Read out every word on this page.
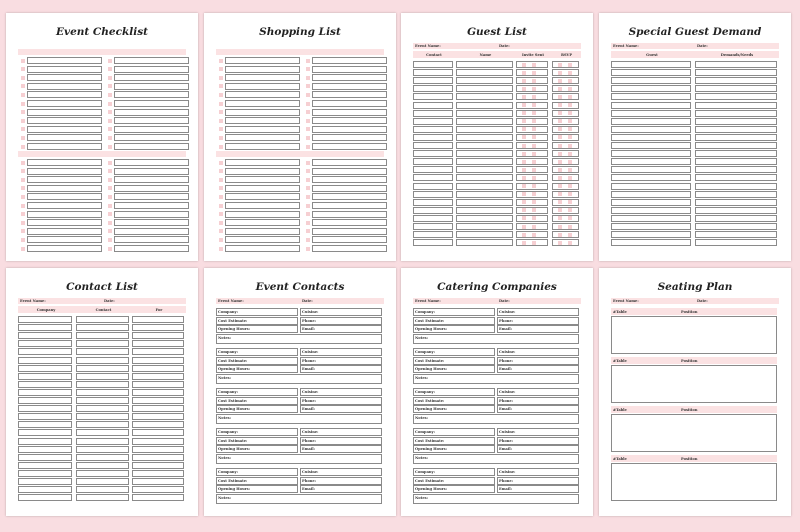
Event Checklist	Shopping List	Guest List
Event Name:	Date:
Contact	Name	Invite Sent	RSVP
Special Guest Demand
Event Name:	Date:
Guest	Demands/Needs
Contact List
Event Name:	Date:
Company	Contact	For
Event Contacts
Event Name:	Date:
Company:	Cuisine:
Cost Estimate:	Phone:
Opening Hours:	Email:
Notes:
Company:	Cuisine:
Cost Estimate:	Phone:
Opening Hours:	Email:
Notes:
Company:	Cuisine:
Cost Estimate:	Phone:
Opening Hours:	Email:
Notes:
Company:	Cuisine:
Cost Estimate:	Phone:
Opening Hours:	Email:
Notes:
Company:	Cuisine:
Cost Estimate:	Phone:
Opening Hours:	Email:
Notes:
Catering Companies
Event Name:	Date:
Company:	Cuisine:
Cost Estimate:	Phone:
Opening Hours:	Email:
Notes:
Company:	Cuisine:
Cost Estimate:	Phone:
Opening Hours:	Email:
Notes:
Company:	Cuisine:
Cost Estimate:	Phone:
Opening Hours:	Email:
Notes:
Company:	Cuisine:
Cost Estimate:	Phone:
Opening Hours:	Email:
Notes:
Company:	Cuisine:
Cost Estimate:	Phone:
Opening Hours:	Email:
Notes:
Seating Plan
Event Name:	Date:
#Table	Position
#Table	Position
#Table	Position
#Table	Position
